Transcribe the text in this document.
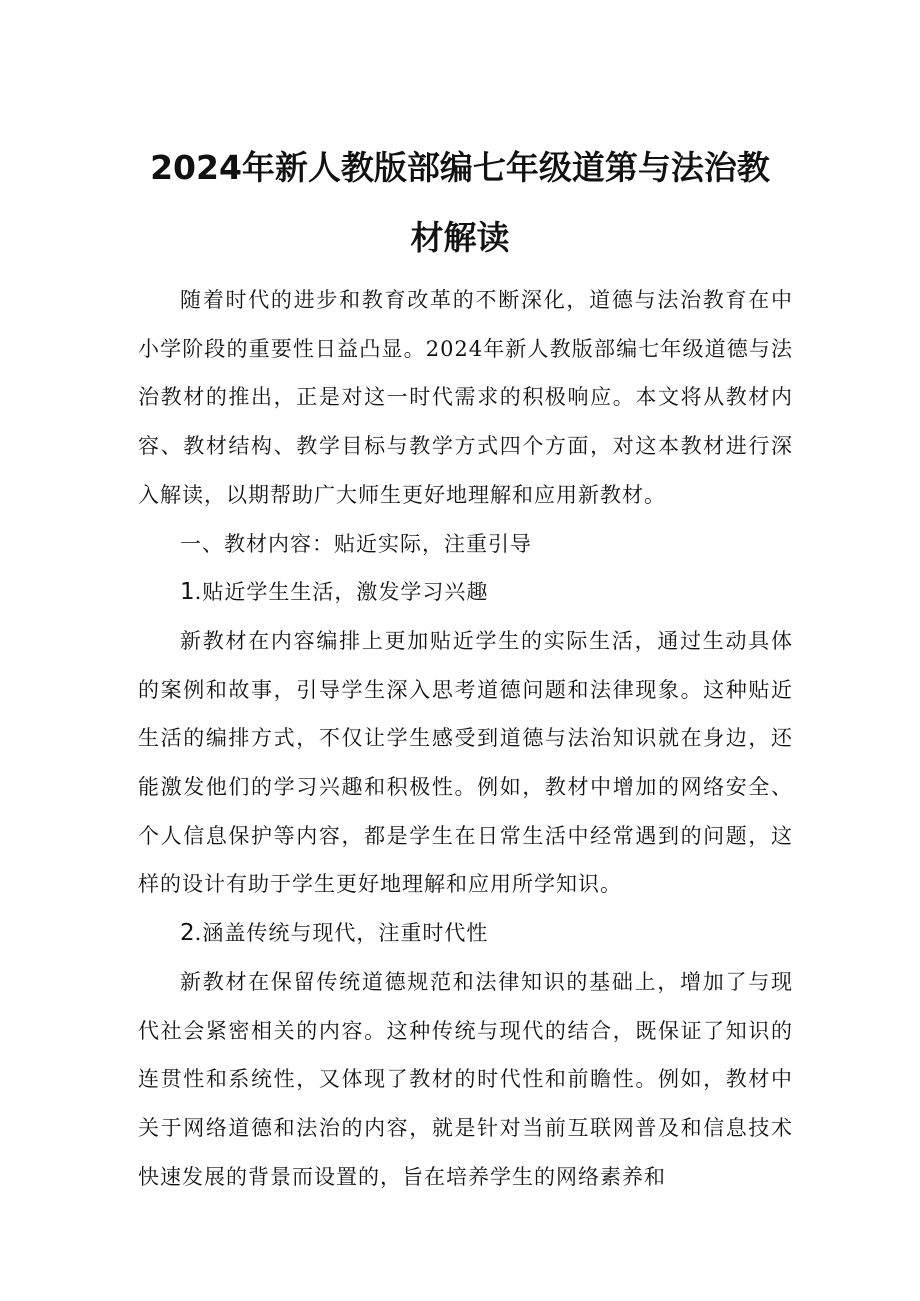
2024年新人教版部编七年级道第与法治教
材解读

随着时代的进步和教育改革的不断深化，道德与法治教育在中小学阶段的重要性日益凸显。2024年新人教版部编七年级道德与法治教材的推出，正是对这一时代需求的积极响应。本文将从教材内容、教材结构、教学目标与教学方式四个方面，对这本教材进行深入解读，以期帮助广大师生更好地理解和应用新教材。

一、教材内容：贴近实际，注重引导

1.贴近学生生活，激发学习兴趣

新教材在内容编排上更加贴近学生的实际生活，通过生动具体的案例和故事，引导学生深入思考道德问题和法律现象。这种贴近生活的编排方式，不仅让学生感受到道德与法治知识就在身边，还能激发他们的学习兴趣和积极性。例如，教材中增加的网络安全、个人信息保护等内容，都是学生在日常生活中经常遇到的问题，这样的设计有助于学生更好地理解和应用所学知识。

2.涵盖传统与现代，注重时代性

新教材在保留传统道德规范和法律知识的基础上，增加了与现代社会紧密相关的内容。这种传统与现代的结合，既保证了知识的连贯性和系统性，又体现了教材的时代性和前瞻性。例如，教材中关于网络道德和法治的内容，就是针对当前互联网普及和信息技术快速发展的背景而设置的，旨在培养学生的网络素养和
